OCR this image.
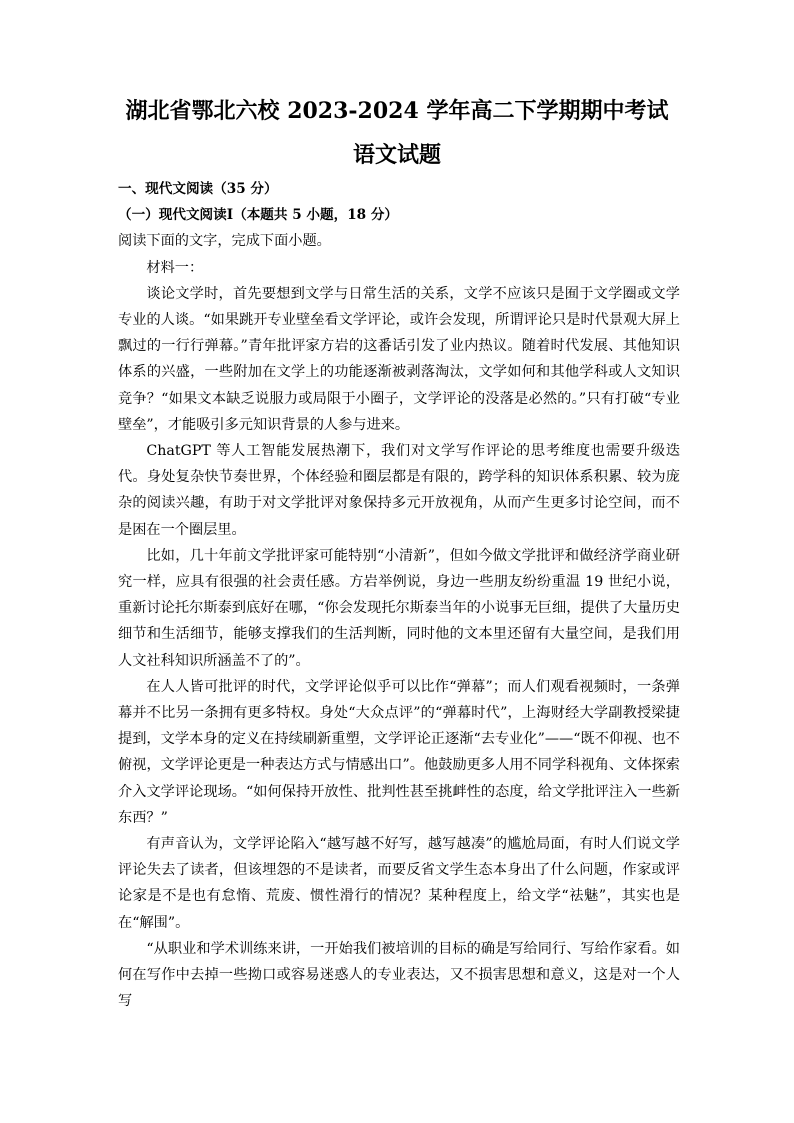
湖北省鄂北六校 2023-2024 学年高二下学期期中考试
语文试题

一、现代文阅读（35 分）

（一）现代文阅读Ⅰ（本题共 5 小题，18 分）

阅读下面的文字，完成下面小题。

材料一：

谈论文学时，首先要想到文学与日常生活的关系，文学不应该只是囿于文学圈或文学专业的人谈。“如果跳开专业壁垒看文学评论，或许会发现，所谓评论只是时代景观大屏上飘过的一行行弹幕。”青年批评家方岩的这番话引发了业内热议。随着时代发展、其他知识体系的兴盛，一些附加在文学上的功能逐渐被剥落淘汰，文学如何和其他学科或人文知识竞争？“如果文本缺乏说服力或局限于小圈子，文学评论的没落是必然的。”只有打破“专业壁垒”，才能吸引多元知识背景的人参与进来。

ChatGPT 等人工智能发展热潮下，我们对文学写作评论的思考维度也需要升级迭代。身处复杂快节奏世界，个体经验和圈层都是有限的，跨学科的知识体系积累、较为庞杂的阅读兴趣，有助于对文学批评对象保持多元开放视角，从而产生更多讨论空间，而不是困在一个圈层里。

比如，几十年前文学批评家可能特别“小清新”，但如今做文学批评和做经济学商业研究一样，应具有很强的社会责任感。方岩举例说，身边一些朋友纷纷重温 19 世纪小说，重新讨论托尔斯泰到底好在哪，“你会发现托尔斯泰当年的小说事无巨细，提供了大量历史细节和生活细节，能够支撑我们的生活判断，同时他的文本里还留有大量空间，是我们用人文社科知识所涵盖不了的”。

在人人皆可批评的时代，文学评论似乎可以比作“弹幕”；而人们观看视频时，一条弹幕并不比另一条拥有更多特权。身处“大众点评”的“弹幕时代”，上海财经大学副教授梁捷提到，文学本身的定义在持续刷新重塑，文学评论正逐渐“去专业化”——“既不仰视、也不俯视，文学评论更是一种表达方式与情感出口”。他鼓励更多人用不同学科视角、文体探索介入文学评论现场。“如何保持开放性、批判性甚至挑衅性的态度，给文学批评注入一些新东西？”

有声音认为，文学评论陷入“越写越不好写，越写越凑”的尴尬局面，有时人们说文学评论失去了读者，但该埋怨的不是读者，而要反省文学生态本身出了什么问题，作家或评论家是不是也有怠惰、荒废、惯性滑行的情况？某种程度上，给文学“祛魅”，其实也是在“解围”。

“从职业和学术训练来讲，一开始我们被培训的目标的确是写给同行、写给作家看。如何在写作中去掉一些拗口或容易迷惑人的专业表达，又不损害思想和意义，这是对一个人写
